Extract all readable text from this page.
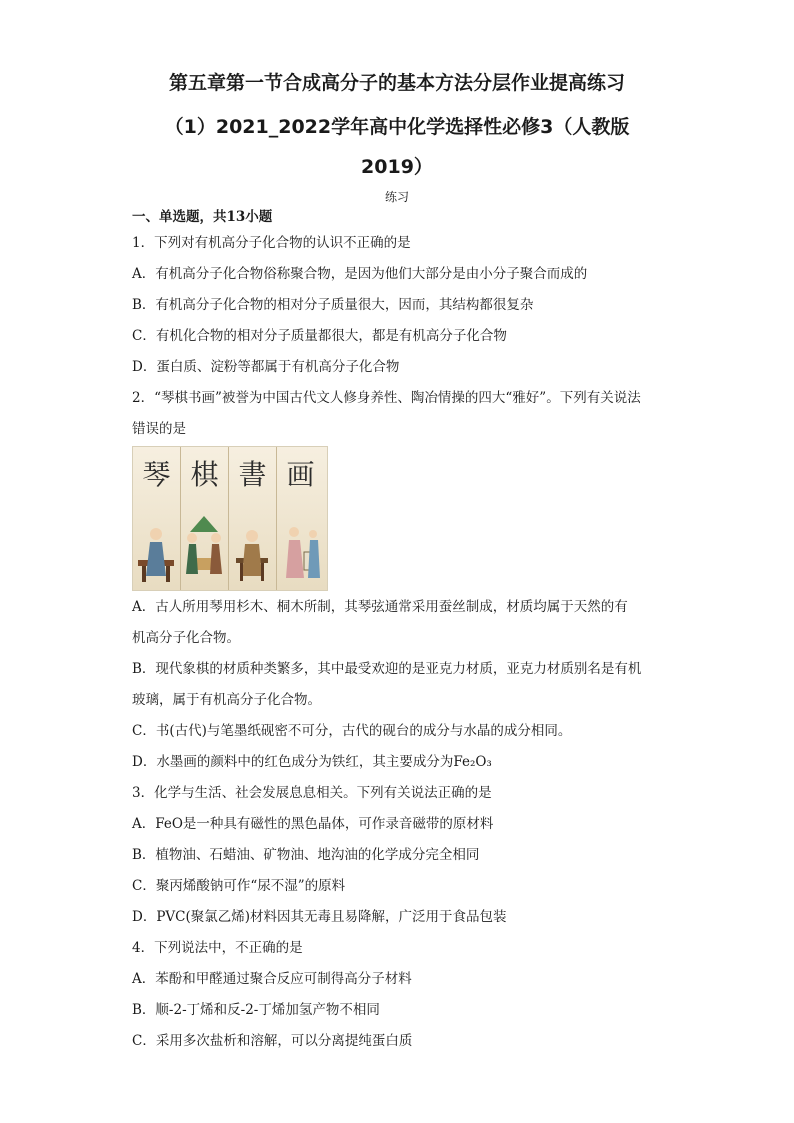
第五章第一节合成高分子的基本方法分层作业提高练习
（1）2021_2022学年高中化学选择性必修3（人教版
2019）
练习
一、单选题，共13小题
1．下列对有机高分子化合物的认识不正确的是
A．有机高分子化合物俗称聚合物，是因为他们大部分是由小分子聚合而成的
B．有机高分子化合物的相对分子质量很大，因而，其结构都很复杂
C．有机化合物的相对分子质量都很大，都是有机高分子化合物
D．蛋白质、淀粉等都属于有机高分子化合物
2．“琴棋书画”被誉为中国古代文人修身养性、陶冶情操的四大“雅好”。下列有关说法
错误的是
琴 棋 書 画
A．古人所用琴用杉木、桐木所制，其琴弦通常采用蚕丝制成，材质均属于天然的有
机高分子化合物。
B．现代象棋的材质种类繁多，其中最受欢迎的是亚克力材质，亚克力材质别名是有机
玻璃，属于有机高分子化合物。
C．书(古代)与笔墨纸砚密不可分，古代的砚台的成分与水晶的成分相同。
D．水墨画的颜料中的红色成分为铁红，其主要成分为Fe₂O₃
3．化学与生活、社会发展息息相关。下列有关说法正确的是
A．FeO是一种具有磁性的黑色晶体，可作录音磁带的原材料
B．植物油、石蜡油、矿物油、地沟油的化学成分完全相同
C．聚丙烯酸钠可作“尿不湿”的原料
D．PVC(聚氯乙烯)材料因其无毒且易降解，广泛用于食品包装
4．下列说法中，不正确的是
A．苯酚和甲醛通过聚合反应可制得高分子材料
B．顺-2-丁烯和反-2-丁烯加氢产物不相同
C．采用多次盐析和溶解，可以分离提纯蛋白质
